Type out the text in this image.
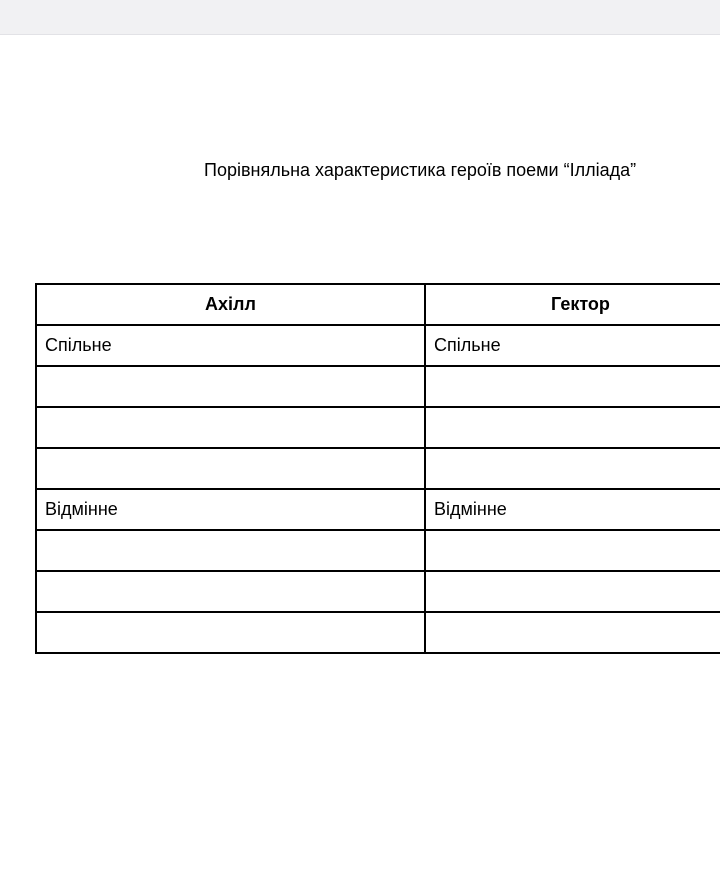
Порівняльна характеристика героїв поеми “Ілліада”
Ахілл	Гектор
Спільне	Спільне

Відмінне	Відмінне
